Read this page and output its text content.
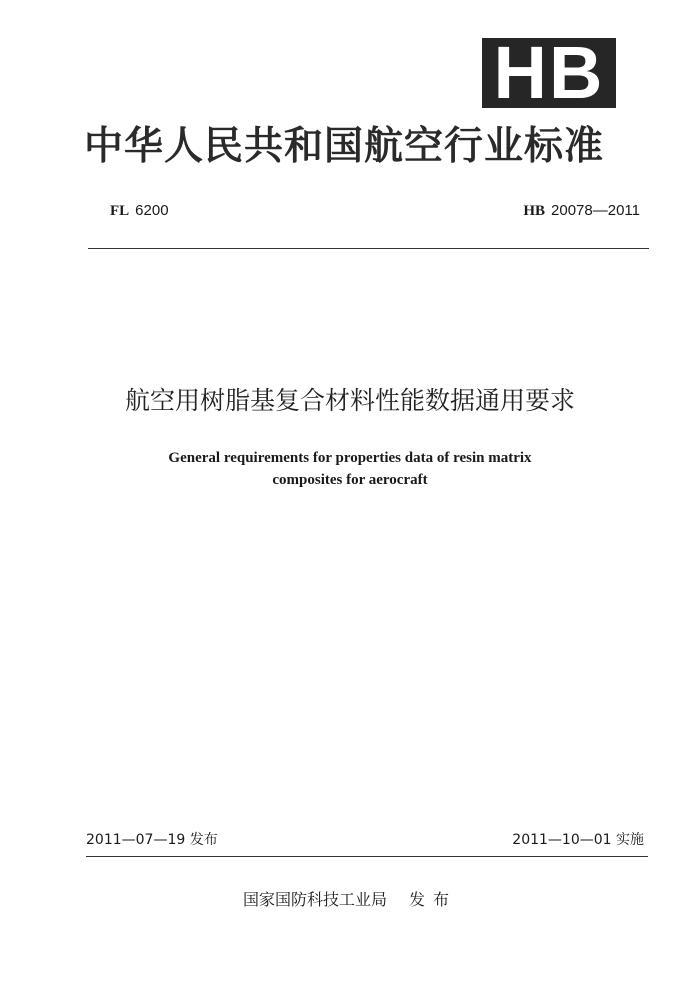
HB
中华人民共和国航空行业标准
FL 6200	HB 20078—2011
航空用树脂基复合材料性能数据通用要求
General requirements for properties data of resin matrix
composites for aerocraft
2011—07—19 发布	2011—10—01 实施
国家国防科技工业局 发布
